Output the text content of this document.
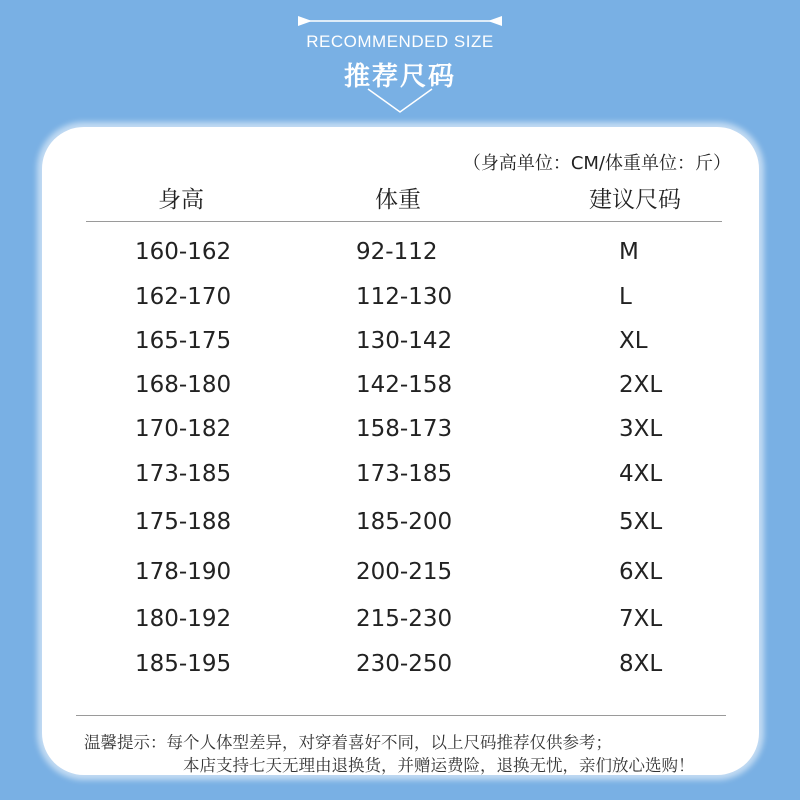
RECOMMENDED SIZE
推荐尺码
（身高单位：CM/体重单位：斤）
身高	体重	建议尺码
160-162	92-112	M
162-170	112-130	L
165-175	130-142	XL
168-180	142-158	2XL
170-182	158-173	3XL
173-185	173-185	4XL
175-188	185-200	5XL
178-190	200-215	6XL
180-192	215-230	7XL
185-195	230-250	8XL
温馨提示：每个人体型差异，对穿着喜好不同，以上尺码推荐仅供参考；
本店支持七天无理由退换货，并赠运费险，退换无忧，亲们放心选购！
